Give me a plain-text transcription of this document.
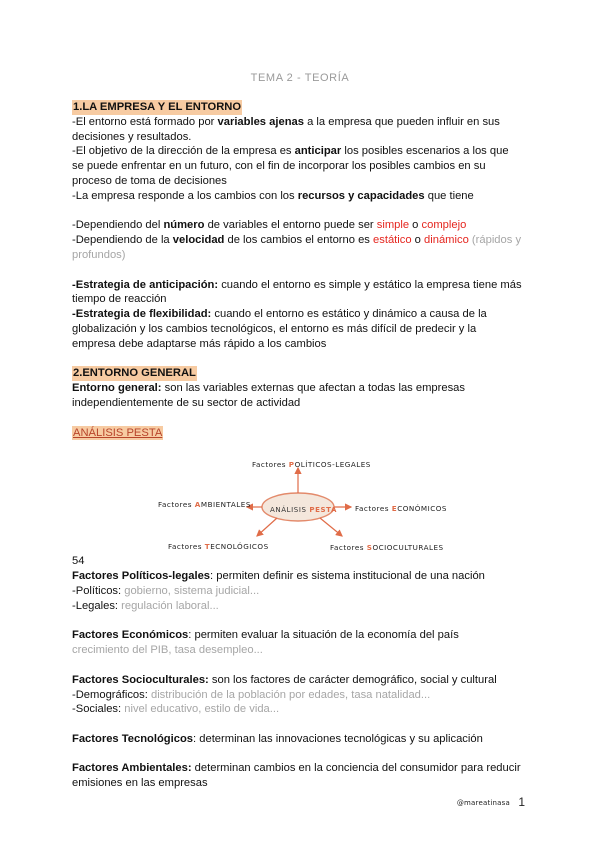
TEMA 2 - TEORÍA
1.LA EMPRESA Y EL ENTORNO

-El entorno está formado por variables ajenas a la empresa que pueden influir en sus decisiones y resultados.

-El objetivo de la dirección de la empresa es anticipar los posibles escenarios a los que se puede enfrentar en un futuro, con el fin de incorporar los posibles cambios en su proceso de toma de decisiones

-La empresa responde a los cambios con los recursos y capacidades que tiene

-Dependiendo del número de variables el entorno puede ser simple o complejo

-Dependiendo de la velocidad de los cambios el entorno es estático o dinámico (rápidos y profundos)

-Estrategia de anticipación: cuando el entorno es simple y estático la empresa tiene más tiempo de reacción

-Estrategia de flexibilidad: cuando el entorno es estático y dinámico a causa de la globalización y los cambios tecnológicos, el entorno es más difícil de predecir y la empresa debe adaptarse más rápido a los cambios

2.ENTORNO GENERAL

Entorno general: son las variables externas que afectan a todas las empresas independientemente de su sector de actividad

ANÁLISIS PESTA
ANÁLISIS PESTA
Factores POLÍTICOS-LEGALES
Factores ECONÓMICOS
Factores AMBIENTALES
Factores TECNOLÓGICOS	Factores SOCIOCULTURALES

54

Factores Políticos-legales: permiten definir es sistema institucional de una nación

-Políticos: gobierno, sistema judicial...

-Legales: regulación laboral...

Factores Económicos: permiten evaluar la situación de la economía del país

crecimiento del PIB, tasa desempleo...

Factores Socioculturales: son los factores de carácter demográfico, social y cultural

-Demográficos: distribución de la población por edades, tasa natalidad...

-Sociales: nivel educativo, estilo de vida...

Factores Tecnológicos: determinan las innovaciones tecnológicas y su aplicación

Factores Ambientales: determinan cambios en la conciencia del consumidor para reducir emisiones en las empresas

@mareatinasa 1
